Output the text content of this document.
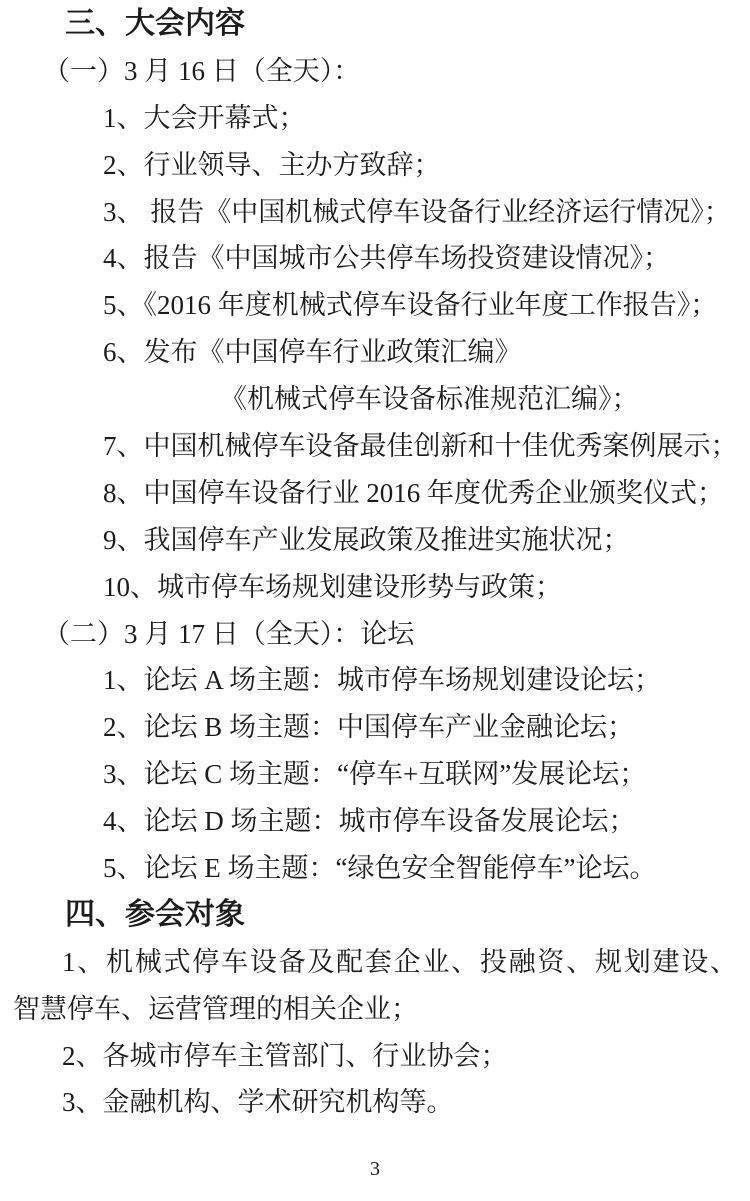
三、大会内容
（一）3 月 16 日（全天）：
1、大会开幕式；
2、行业领导、主办方致辞；
3、 报告《中国机械式停车设备行业经济运行情况》；
4、报告《中国城市公共停车场投资建设情况》；
5、《2016 年度机械式停车设备行业年度工作报告》；
6、发布《中国停车行业政策汇编》
《机械式停车设备标准规范汇编》；
7、中国机械停车设备最佳创新和十佳优秀案例展示；
8、中国停车设备行业 2016 年度优秀企业颁奖仪式；
9、我国停车产业发展政策及推进实施状况；
10、城市停车场规划建设形势与政策；
（二）3 月 17 日（全天）：论坛
1、论坛 A 场主题：城市停车场规划建设论坛；
2、论坛 B 场主题：中国停车产业金融论坛；
3、论坛 C 场主题：“停车+互联网”发展论坛；
4、论坛 D 场主题：城市停车设备发展论坛；
5、论坛 E 场主题：“绿色安全智能停车”论坛。
四、参会对象
1、机械式停车设备及配套企业、投融资、规划建设、
智慧停车、运营管理的相关企业；
2、各城市停车主管部门、行业协会；
3、金融机构、学术研究机构等。
3
